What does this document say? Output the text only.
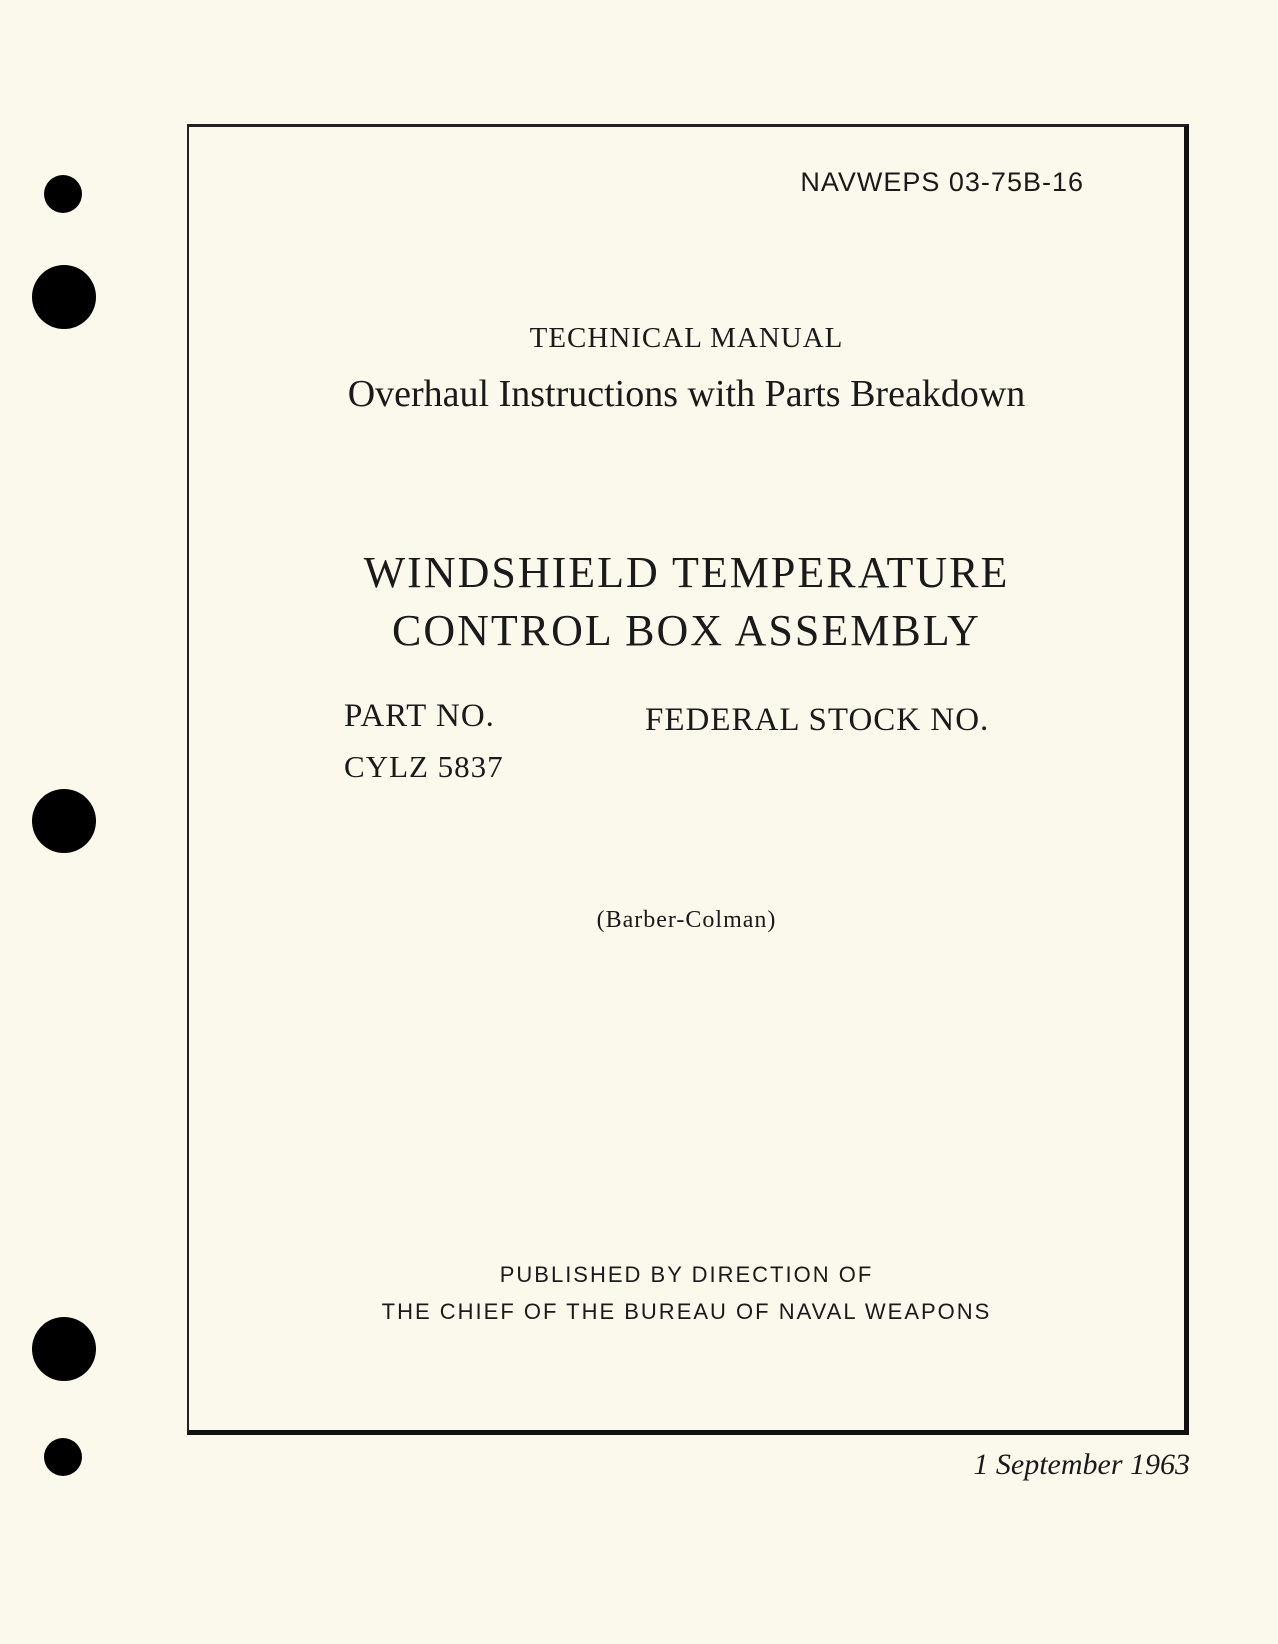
NAVWEPS 03-75B-16
TECHNICAL MANUAL
Overhaul Instructions with Parts Breakdown
WINDSHIELD TEMPERATURE
CONTROL BOX ASSEMBLY
PART NO.
CYLZ 5837
FEDERAL STOCK NO.
(Barber-Colman)
PUBLISHED BY DIRECTION OF
THE CHIEF OF THE BUREAU OF NAVAL WEAPONS
1 September 1963
